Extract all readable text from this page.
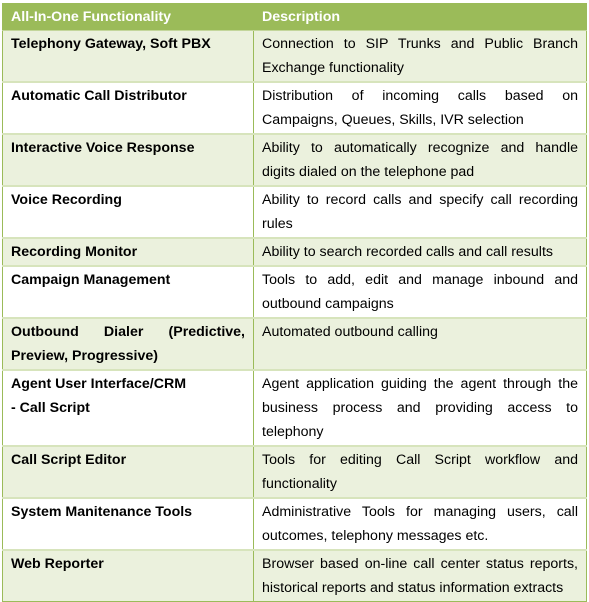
All-In-One Functionality	Description
Telephony Gateway, Soft PBX	Connection to SIP Trunks and Public Branch Exchange functionality
Automatic Call Distributor	Distribution of incoming calls based on Campaigns, Queues, Skills, IVR selection
Interactive Voice Response	Ability to automatically recognize and handle digits dialed on the telephone pad
Voice Recording	Ability to record calls and specify call recording rules
Recording Monitor	Ability to search recorded calls and call results
Campaign Management	Tools to add, edit and manage inbound and outbound campaigns
Outbound Dialer (Predictive, Preview, Progressive)	Automated outbound calling
Agent User Interface/CRM - Call Script	Agent application guiding the agent through the business process and providing access to telephony
Call Script Editor	Tools for editing Call Script workflow and functionality
System Manitenance Tools	Administrative Tools for managing users, call outcomes, telephony messages etc.
Web Reporter	Browser based on-line call center status reports, historical reports and status information extracts
